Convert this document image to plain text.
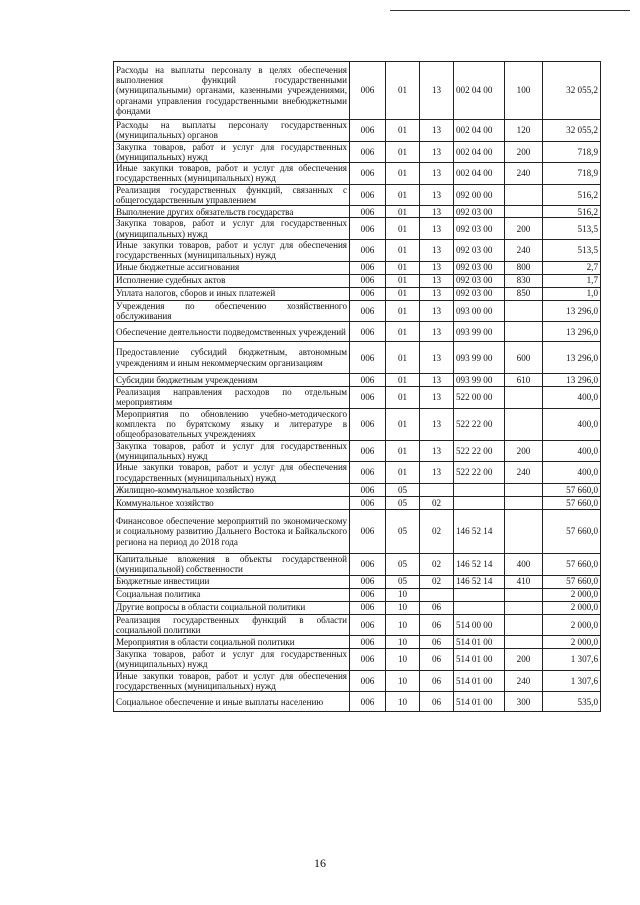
Расходы на выплаты персоналу в целях обеспечения выполнения функций государственными (муниципальными) органами, казенными учреждениями, органами управления государственными внебюджетными фондами	006	01	13	002 04 00	100	32 055,2
Расходы на выплаты персоналу государственных (муниципальных) органов	006	01	13	002 04 00	120	32 055,2
Закупка товаров, работ и услуг для государственных (муниципальных) нужд	006	01	13	002 04 00	200	718,9
Иные закупки товаров, работ и услуг для обеспечения государственных (муниципальных) нужд	006	01	13	002 04 00	240	718,9
Реализация государственных функций, связанных с общегосударственным управлением	006	01	13	092 00 00		516,2
Выполнение других обязательств государства	006	01	13	092 03 00		516,2
Закупка товаров, работ и услуг для государственных (муниципальных) нужд	006	01	13	092 03 00	200	513,5
Иные закупки товаров, работ и услуг для обеспечения государственных (муниципальных) нужд	006	01	13	092 03 00	240	513,5
Иные бюджетные ассигнования	006	01	13	092 03 00	800	2,7
Исполнение судебных актов	006	01	13	092 03 00	830	1,7
Уплата налогов, сборов и иных платежей	006	01	13	092 03 00	850	1,0
Учреждения по обеспечению хозяйственного обслуживания	006	01	13	093 00 00		13 296,0
Обеспечение деятельности подведомственных учреждений	006	01	13	093 99 00		13 296,0
Предоставление субсидий бюджетным, автономным учреждениям и иным некоммерческим организациям	006	01	13	093 99 00	600	13 296,0
Субсидии бюджетным учреждениям	006	01	13	093 99 00	610	13 296,0
Реализация направления расходов по отдельным мероприятиям	006	01	13	522 00 00		400,0
Мероприятия по обновлению учебно-методического комплекта по бурятскому языку и литературе в общеобразовательных учреждениях	006	01	13	522 22 00		400,0
Закупка товаров, работ и услуг для государственных (муниципальных) нужд	006	01	13	522 22 00	200	400,0
Иные закупки товаров, работ и услуг для обеспечения государственных (муниципальных) нужд	006	01	13	522 22 00	240	400,0
Жилищно-коммунальное хозяйство	006	05				57 660,0
Коммунальное хозяйство	006	05	02			57 660,0
Финансовое обеспечение мероприятий по экономическому и социальному развитию Дальнего Востока и Байкальского региона на период до 2018 года	006	05	02	146 52 14		57 660,0
Капитальные вложения в объекты государственной (муниципальной) собственности	006	05	02	146 52 14	400	57 660,0
Бюджетные инвестиции	006	05	02	146 52 14	410	57 660,0
Социальная политика	006	10				2 000,0
Другие вопросы в области социальной политики	006	10	06			2 000,0
Реализация государственных функций в области социальной политики	006	10	06	514 00 00		2 000,0
Мероприятия в области социальной политики	006	10	06	514 01 00		2 000,0
Закупка товаров, работ и услуг для государственных (муниципальных) нужд	006	10	06	514 01 00	200	1 307,6
Иные закупки товаров, работ и услуг для обеспечения государственных (муниципальных) нужд	006	10	06	514 01 00	240	1 307,6
Социальное обеспечение и иные выплаты населению	006	10	06	514 01 00	300	535,0
16
